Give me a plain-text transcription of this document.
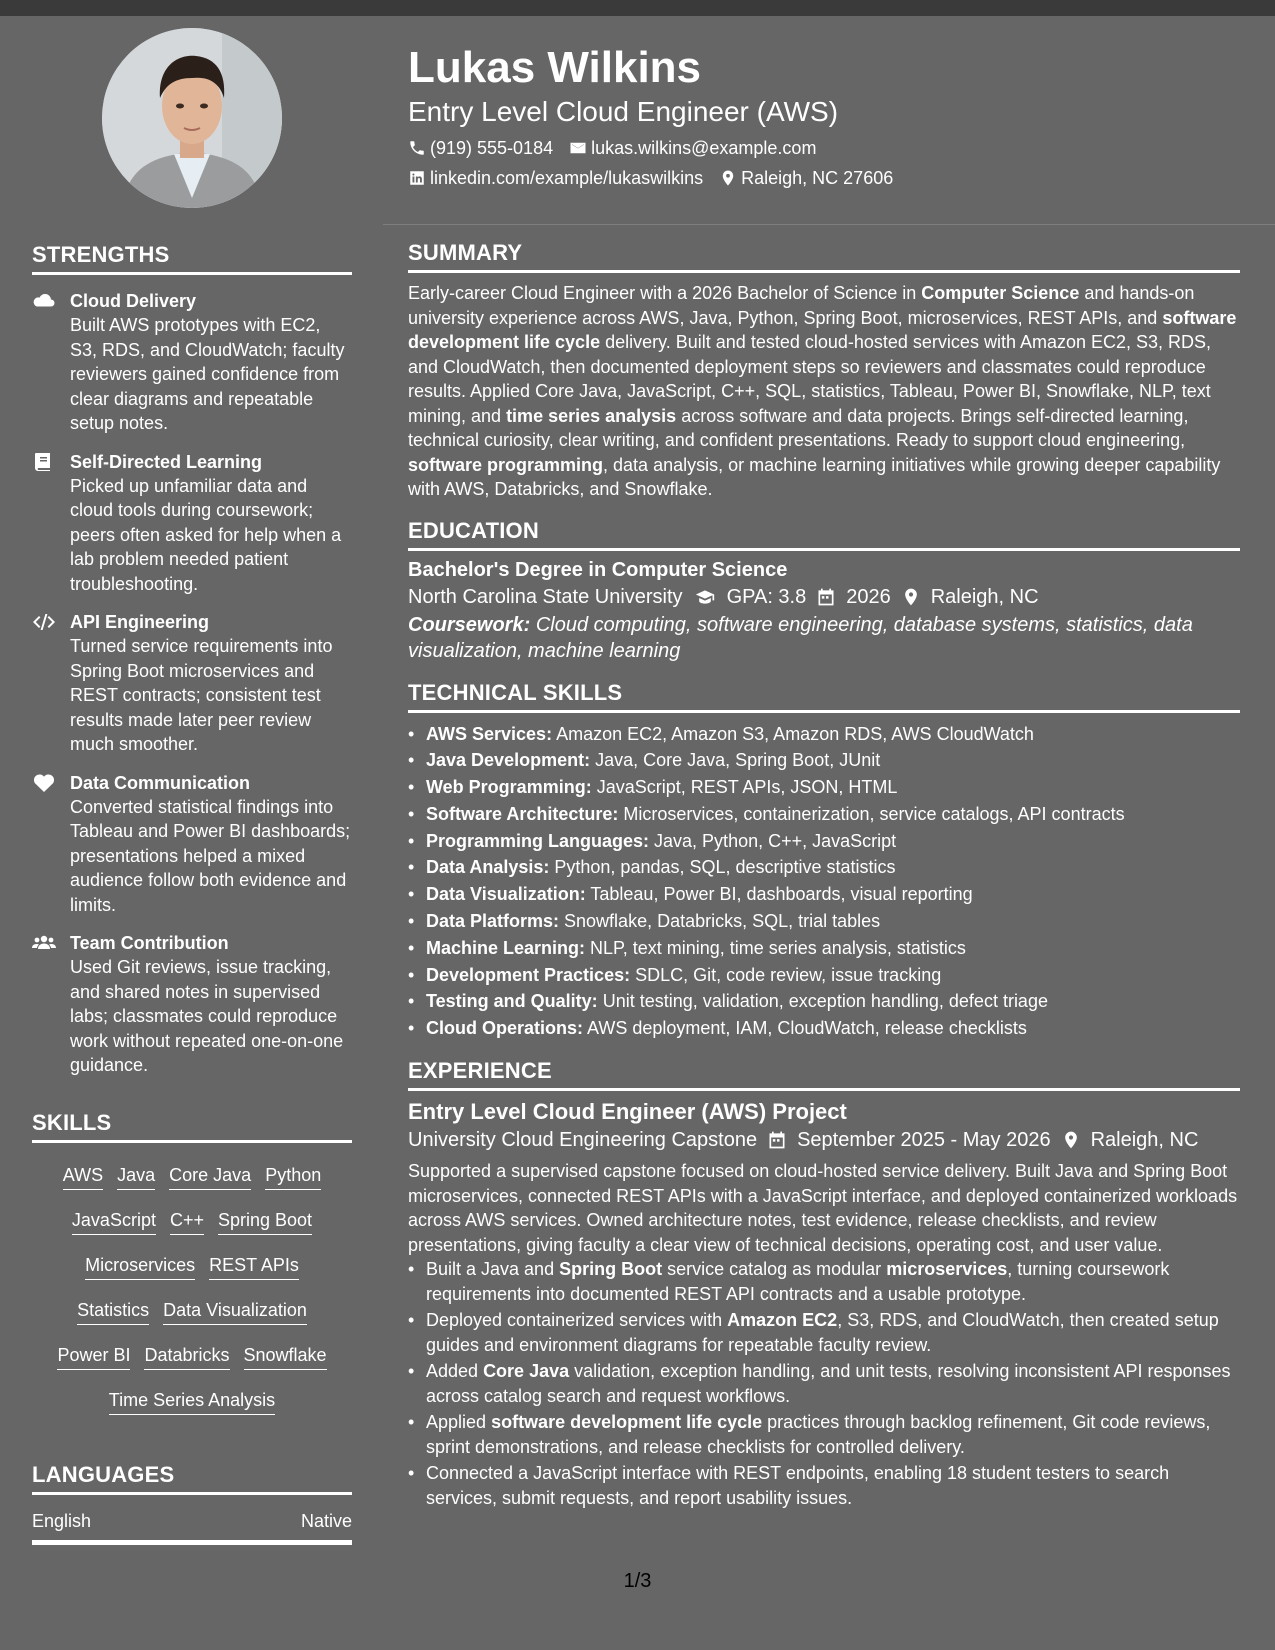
STRENGTHS
Cloud Delivery
Built AWS prototypes with EC2, S3, RDS, and CloudWatch; faculty reviewers gained confidence from clear diagrams and repeatable setup notes.
Self-Directed Learning
Picked up unfamiliar data and cloud tools during coursework; peers often asked for help when a lab problem needed patient troubleshooting.
API Engineering
Turned service requirements into Spring Boot microservices and REST contracts; consistent test results made later peer review much smoother.
Data Communication
Converted statistical findings into Tableau and Power BI dashboards; presentations helped a mixed audience follow both evidence and limits.
Team Contribution
Used Git reviews, issue tracking, and shared notes in supervised labs; classmates could reproduce work without repeated one-on-one guidance.
SKILLS
AWS Java Core Java Python
JavaScript C++ Spring Boot
Microservices REST APIs
Statistics Data Visualization
Power BI Databricks Snowflake
Time Series Analysis
LANGUAGES
English	Native
Lukas Wilkins
Entry Level Cloud Engineer (AWS)
(919) 555-0184 lukas.wilkins@example.com
linkedin.com/example/lukaswilkins Raleigh, NC 27606
SUMMARY
Early-career Cloud Engineer with a 2026 Bachelor of Science in Computer Science and hands-on university experience across AWS, Java, Python, Spring Boot, microservices, REST APIs, and software development life cycle delivery. Built and tested cloud-hosted services with Amazon EC2, S3, RDS, and CloudWatch, then documented deployment steps so reviewers and classmates could reproduce results. Applied Core Java, JavaScript, C++, SQL, statistics, Tableau, Power BI, Snowflake, NLP, text mining, and time series analysis across software and data projects. Brings self-directed learning, technical curiosity, clear writing, and confident presentations. Ready to support cloud engineering, software programming, data analysis, or machine learning initiatives while growing deeper capability with AWS, Databricks, and Snowflake.
EDUCATION
Bachelor's Degree in Computer Science
North Carolina State University GPA: 3.8 2026 Raleigh, NC
Coursework: Cloud computing, software engineering, database systems, statistics, data visualization, machine learning
TECHNICAL SKILLS
• AWS Services: Amazon EC2, Amazon S3, Amazon RDS, AWS CloudWatch
• Java Development: Java, Core Java, Spring Boot, JUnit
• Web Programming: JavaScript, REST APIs, JSON, HTML
• Software Architecture: Microservices, containerization, service catalogs, API contracts
• Programming Languages: Java, Python, C++, JavaScript
• Data Analysis: Python, pandas, SQL, descriptive statistics
• Data Visualization: Tableau, Power BI, dashboards, visual reporting
• Data Platforms: Snowflake, Databricks, SQL, trial tables
• Machine Learning: NLP, text mining, time series analysis, statistics
• Development Practices: SDLC, Git, code review, issue tracking
• Testing and Quality: Unit testing, validation, exception handling, defect triage
• Cloud Operations: AWS deployment, IAM, CloudWatch, release checklists
EXPERIENCE
Entry Level Cloud Engineer (AWS) Project
University Cloud Engineering Capstone September 2025 - May 2026 Raleigh, NC
Supported a supervised capstone focused on cloud-hosted service delivery. Built Java and Spring Boot microservices, connected REST APIs with a JavaScript interface, and deployed containerized workloads across AWS services. Owned architecture notes, test evidence, release checklists, and review presentations, giving faculty a clear view of technical decisions, operating cost, and user value.
• Built a Java and Spring Boot service catalog as modular microservices, turning coursework requirements into documented REST API contracts and a usable prototype.
• Deployed containerized services with Amazon EC2, S3, RDS, and CloudWatch, then created setup guides and environment diagrams for repeatable faculty review.
• Added Core Java validation, exception handling, and unit tests, resolving inconsistent API responses across catalog search and request workflows.
• Applied software development life cycle practices through backlog refinement, Git code reviews, sprint demonstrations, and release checklists for controlled delivery.
• Connected a JavaScript interface with REST endpoints, enabling 18 student testers to search services, submit requests, and report usability issues.
1/3
